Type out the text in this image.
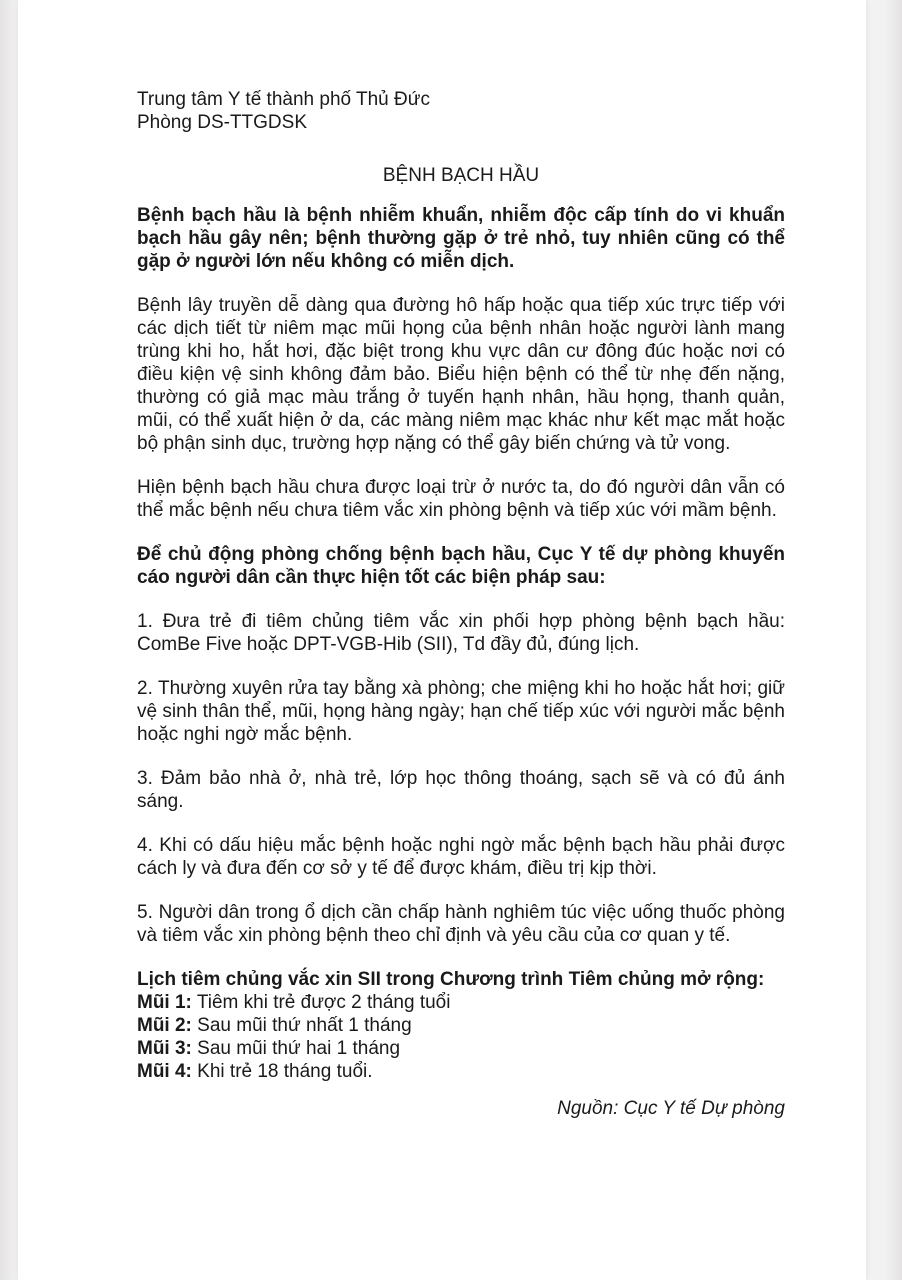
Trung tâm Y tế thành phố Thủ Đức

Phòng DS-TTGDSK

BỆNH BẠCH HẦU

Bệnh bạch hầu là bệnh nhiễm khuẩn, nhiễm độc cấp tính do vi khuẩn bạch hầu gây nên; bệnh thường gặp ở trẻ nhỏ, tuy nhiên cũng có thể gặp ở người lớn nếu không có miễn dịch.

Bệnh lây truyền dễ dàng qua đường hô hấp hoặc qua tiếp xúc trực tiếp với các dịch tiết từ niêm mạc mũi họng của bệnh nhân hoặc người lành mang trùng khi ho, hắt hơi, đặc biệt trong khu vực dân cư đông đúc hoặc nơi có điều kiện vệ sinh không đảm bảo. Biểu hiện bệnh có thể từ nhẹ đến nặng, thường có giả mạc màu trắng ở tuyến hạnh nhân, hầu họng, thanh quản, mũi, có thể xuất hiện ở da, các màng niêm mạc khác như kết mạc mắt hoặc bộ phận sinh dục, trường hợp nặng có thể gây biến chứng và tử vong.

Hiện bệnh bạch hầu chưa được loại trừ ở nước ta, do đó người dân vẫn có thể mắc bệnh nếu chưa tiêm vắc xin phòng bệnh và tiếp xúc với mầm bệnh.

Để chủ động phòng chống bệnh bạch hầu, Cục Y tế dự phòng khuyến cáo người dân cần thực hiện tốt các biện pháp sau:

1. Đưa trẻ đi tiêm chủng tiêm vắc xin phối hợp phòng bệnh bạch hầu: ComBe Five hoặc DPT-VGB-Hib (SII), Td đầy đủ, đúng lịch.

2. Thường xuyên rửa tay bằng xà phòng; che miệng khi ho hoặc hắt hơi; giữ vệ sinh thân thể, mũi, họng hàng ngày; hạn chế tiếp xúc với người mắc bệnh hoặc nghi ngờ mắc bệnh.

3. Đảm bảo nhà ở, nhà trẻ, lớp học thông thoáng, sạch sẽ và có đủ ánh sáng.

4. Khi có dấu hiệu mắc bệnh hoặc nghi ngờ mắc bệnh bạch hầu phải được cách ly và đưa đến cơ sở y tế để được khám, điều trị kịp thời.

5. Người dân trong ổ dịch cần chấp hành nghiêm túc việc uống thuốc phòng và tiêm vắc xin phòng bệnh theo chỉ định và yêu cầu của cơ quan y tế.

Lịch tiêm chủng vắc xin SII trong Chương trình Tiêm chủng mở rộng:

Mũi 1: Tiêm khi trẻ được 2 tháng tuổi

Mũi 2: Sau mũi thứ nhất 1 tháng

Mũi 3: Sau mũi thứ hai 1 tháng

Mũi 4: Khi trẻ 18 tháng tuổi.

Nguồn: Cục Y tế Dự phòng
